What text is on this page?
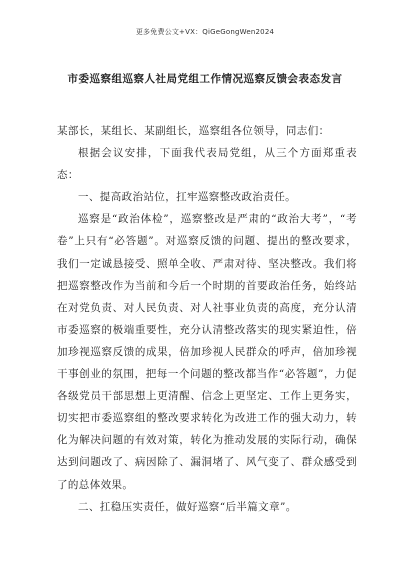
更多免费公文+VX：QiGeGongWen2024
市委巡察组巡察人社局党组工作情况巡察反馈会表态发言

某部长，某组长、某副组长，巡察组各位领导，同志们：

根据会议安排，下面我代表局党组，从三个方面郑重表态：

一、提高政治站位，扛牢巡察整改政治责任。

巡察是“政治体检”，巡察整改是严肃的“政治大考”，“考卷”上只有“必答题”。对巡察反馈的问题、提出的整改要求，我们一定诚恳接受、照单全收、严肃对待、坚决整改。我们将把巡察整改作为当前和今后一个时期的首要政治任务，始终站在对党负责、对人民负责、对人社事业负责的高度，充分认清市委巡察的极端重要性，充分认清整改落实的现实紧迫性，倍加珍视巡察反馈的成果，倍加珍视人民群众的呼声，倍加珍视干事创业的氛围，把每一个问题的整改都当作“必答题”，力促各级党员干部思想上更清醒、信念上更坚定、工作上更务实，切实把市委巡察组的整改要求转化为改进工作的强大动力，转化为解决问题的有效对策，转化为推动发展的实际行动，确保达到问题改了、病因除了、漏洞堵了、风气变了、群众感受到了的总体效果。

二、扛稳压实责任，做好巡察“后半篇文章”。
